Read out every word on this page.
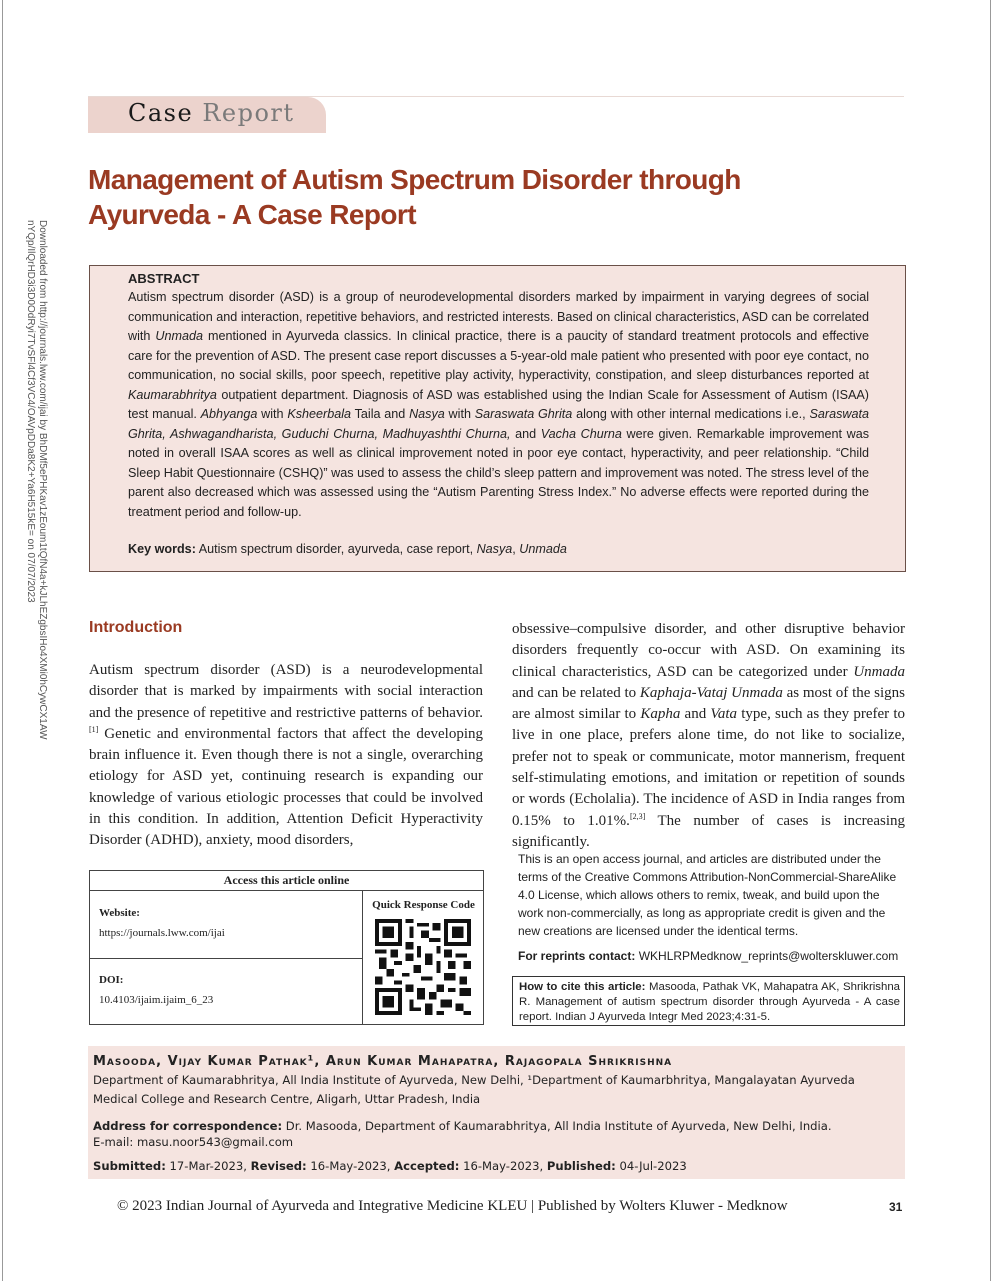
Downloaded from http://journals.lww.com/ijai by BhDMf5ePHKav1zEoum1tQfN4a+kJLhEZgbsIHo4XMi0hCywCX1AW
nYQp/IlQrHD3i3D0OdRyi7TvSFl4Cf3VC4/OAVpDDa8K2+Ya6H515kE= on 07/07/2023
Case Report
Management of Autism Spectrum Disorder through Ayurveda - A Case Report
ABSTRACT

Autism spectrum disorder (ASD) is a group of neurodevelopmental disorders marked by impairment in varying degrees of social communication and interaction, repetitive behaviors, and restricted interests. Based on clinical characteristics, ASD can be correlated with Unmada mentioned in Ayurveda classics. In clinical practice, there is a paucity of standard treatment protocols and effective care for the prevention of ASD. The present case report discusses a 5-year-old male patient who presented with poor eye contact, no communication, no social skills, poor speech, repetitive play activity, hyperactivity, constipation, and sleep disturbances reported at Kaumarabhritya outpatient department. Diagnosis of ASD was established using the Indian Scale for Assessment of Autism (ISAA) test manual. Abhyanga with Ksheerbala Taila and Nasya with Saraswata Ghrita along with other internal medications i.e., Saraswata Ghrita, Ashwagandharista, Guduchi Churna, Madhuyashthi Churna, and Vacha Churna were given. Remarkable improvement was noted in overall ISAA scores as well as clinical improvement noted in poor eye contact, hyperactivity, and peer relationship. “Child Sleep Habit Questionnaire (CSHQ)” was used to assess the child’s sleep pattern and improvement was noted. The stress level of the parent also decreased which was assessed using the “Autism Parenting Stress Index.” No adverse effects were reported during the treatment period and follow-up.

Key words: Autism spectrum disorder, ayurveda, case report, Nasya, Unmada

Introduction

Autism spectrum disorder (ASD) is a neurodevelopmental disorder that is marked by impairments with social interaction and the presence of repetitive and restrictive patterns of behavior.[1] Genetic and environmental factors that affect the developing brain influence it. Even though there is not a single, overarching etiology for ASD yet, continuing research is expanding our knowledge of various etiologic processes that could be involved in this condition. In addition, Attention Deficit Hyperactivity Disorder (ADHD), anxiety, mood disorders,

obsessive–compulsive disorder, and other disruptive behavior disorders frequently co-occur with ASD. On examining its clinical characteristics, ASD can be categorized under Unmada and can be related to Kaphaja-Vataj Unmada as most of the signs are almost similar to Kapha and Vata type, such as they prefer to live in one place, prefers alone time, do not like to socialize, prefer not to speak or communicate, motor mannerism, frequent self-stimulating emotions, and imitation or repetition of sounds or words (Echolalia). The incidence of ASD in India ranges from 0.15% to 1.01%.[2,3] The number of cases is increasing significantly.

Access this article online
Website:
https://journals.lww.com/ijai
DOI:
10.4103/ijaim.ijaim_6_23
Quick Response Code

This is an open access journal, and articles are distributed under the terms of the Creative Commons Attribution-NonCommercial-ShareAlike 4.0 License, which allows others to remix, tweak, and build upon the work non-commercially, as long as appropriate credit is given and the new creations are licensed under the identical terms.

For reprints contact: WKHLRPMedknow_reprints@wolterskluwer.com

How to cite this article: Masooda, Pathak VK, Mahapatra AK, Shrikrishna R. Management of autism spectrum disorder through Ayurveda - A case report. Indian J Ayurveda Integr Med 2023;4:31-5.
Masooda, Vijay Kumar Pathak¹, Arun Kumar Mahapatra, Rajagopala Shrikrishna
Department of Kaumarabhritya, All India Institute of Ayurveda, New Delhi, ¹Department of Kaumarbhritya, Mangalayatan Ayurveda Medical College and Research Centre, Aligarh, Uttar Pradesh, India
Address for correspondence: Dr. Masooda, Department of Kaumarabhritya, All India Institute of Ayurveda, New Delhi, India.
E-mail: masu.noor543@gmail.com
Submitted: 17-Mar-2023, Revised: 16-May-2023, Accepted: 16-May-2023, Published: 04-Jul-2023
© 2023 Indian Journal of Ayurveda and Integrative Medicine KLEU | Published by Wolters Kluwer - Medknow	31
